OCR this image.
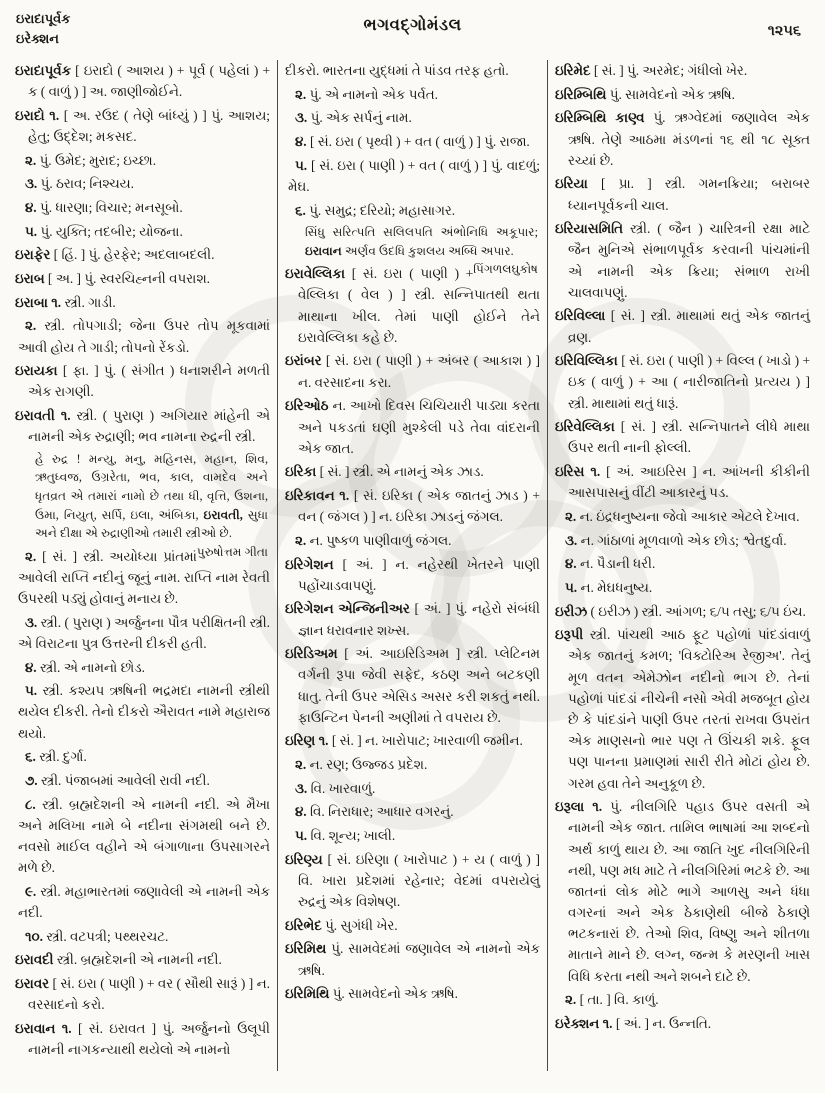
ઇરાદાપૂર્વક
ઇરેક્શન
ભગવદ્ગોમંડલ	૧૨૫૬

ઇરાદાપૂર્વક [ ઇરાદો ( આશય ) + પૂર્વ ( પહેલાં ) + ક ( વાળું ) ] અ. જાણીજોઈને.

ઇરાદો ૧. [ અ. રઉદ ( તેણે બાંધ્યું ) ] પું. આશય; હેતુ; ઉદ્દેશ; મકસદ.

૨. પું. ઉમેદ; મુરાદ; ઇચ્છા.

૩. પું. ઠરાવ; નિશ્ચય.

૪. પું. ધારણા; વિચાર; મનસૂબો.

૫. પું. યુક્તિ; તદબીર; યોજના.

ઇરાફેર [ હિં. ] પું. હેરફેર; અદલાબદલી.

ઇરાબ [ અ. ] પું. સ્વરચિહ્નની વપરાશ.

ઇરાબા ૧. સ્ત્રી. ગાડી.

૨. સ્ત્રી. તોપગાડી; જેના ઉપર તોપ મૂકવામાં આવી હોય તે ગાડી; તોપનો રેંકડો.

ઇરાયકા [ ફા. ] પું. ( સંગીત ) ધનાશરીને મળતી એક રાગણી.

ઇરાવતી ૧. સ્ત્રી. ( પુરાણ ) અગિયાર માંહેની એ નામની એક રુદ્રાણી; ભવ નામના રુદ્રની સ્ત્રી.

હે રુદ્ર ! મન્યુ, મનુ, મહિનસ, મહાન, શિવ, ઋતુધ્વજ, ઉગ્રરેતા, ભવ, કાલ, વામદેવ અને ધૃતવ્રત એ તમારાં નામો છે તથા ધી, વૃત્તિ, ઉશના, ઉમા, નિયુત્, સર્પિ, ઇલા, અંબિકા, ઇરાવતી, સુધા અને દીક્ષા એ રુદ્રાણીઓ તમારી સ્ત્રીઓ છે.
પુરુષોત્તમ ગીતા

૨. [ સં. ] સ્ત્રી. અયોધ્યા પ્રાંતમાં આવેલી રાપ્તિ નદીનું જૂનું નામ. રાપ્તિ નામ રેવતી ઉપરથી પડ્યું હોવાનું મનાય છે.

૩. સ્ત્રી. ( પુરાણ ) અર્જુનના પૌત્ર પરીક્ષિતની સ્ત્રી. એ વિરાટના પુત્ર ઉત્તરની દીકરી હતી.

૪. સ્ત્રી. એ નામનો છોડ.

૫. સ્ત્રી. કશ્યપ ઋષિની ભદ્રમદા નામની સ્ત્રીથી થયેલ દીકરી. તેનો દીકરો ઐરાવત નામે મહારાજ થયો.

૬. સ્ત્રી. દુર્ગા.

૭. સ્ત્રી. પંજાબમાં આવેલી રાવી નદી.

૮. સ્ત્રી. બ્રહ્મદેશની એ નામની નદી. એ મૈખા અને મલિખા નામે બે નદીના સંગમથી બને છે. નવસો માઈલ વહીને એ બંગાળાના ઉપસાગરને મળે છે.

૯. સ્ત્રી. મહાભારતમાં જણાવેલી એ નામની એક નદી.

૧૦. સ્ત્રી. વટપત્રી; પથ્થરચટ.

ઇરાવદી સ્ત્રી. બ્રહ્મદેશની એ નામની નદી.

ઇરાવર [ સં. ઇરા ( પાણી ) + વર ( સૌથી સારૂં ) ] ન. વરસાદનો કરો.

ઇરાવાન ૧. [ સં. ઇરાવત ] પું. અર્જુનનો ઉલૂપી નામની નાગકન્યાથી થયેલો એ નામનો

દીકરો. ભારતના યુદ્ધમાં તે પાંડવ તરફ હતો.

૨. પું. એ નામનો એક પર્વત.

૩. પું. એક સર્પનું નામ.

૪. [ સં. ઇરા ( પૃથ્વી ) + વત ( વાળું ) ] પું. રાજા.

૫. [ સં. ઇરા ( પાણી ) + વત ( વાળું ) ] પું. વાદળું; મેઘ.

૬. પું. સમુદ્ર; દરિયો; મહાસાગર.

સિંધુ સરિત્પતિ સલિલપતિ અંભોનિધિ અકૂપાર; ઇરાવાન અર્ણવ ઉદધિ કુશલય અબ્ધિ અપાર.
પિંગળલઘુકોષ

ઇરાવેલ્લિકા [ સં. ઇરા ( પાણી ) + વેલ્લિકા ( વેલ ) ] સ્ત્રી. સન્નિપાતથી થતા માથાના ખીલ. તેમાં પાણી હોઈને તેને ઇરાવેલ્લિકા કહે છે.

ઇરાંબર [ સં. ઇરા ( પાણી ) + અંબર ( આકાશ ) ] ન. વરસાદના કરા.

ઇરિઓઠ ન. આખો દિવસ ચિચિયારી પાડ્યા કરતા અને પકડતાં ઘણી મુશ્કેલી પડે તેવા વાંદરાની એક જાત.

ઇરિકા [ સં. ] સ્ત્રી. એ નામનું એક ઝાડ.

ઇરિકાવન ૧. [ સં. ઇરિકા ( એક જાતનું ઝાડ ) + વન ( જંગલ ) ] ન. ઇરિકા ઝાડનું જંગલ.

૨. ન. પુષ્કળ પાણીવાળું જંગલ.

ઇરિગેશન [ અં. ] ન. નહેરથી ખેતરને પાણી પહોંચાડવાપણું.

ઇરિગેશન એન્જિનીઅર [ અં. ] પું. નહેરો સંબંધી જ્ઞાન ધરાવનાર શખ્સ.

ઇરિડિઅમ [ અં. આઇરિડિઅમ ] સ્ત્રી. પ્લેટિનમ વર્ગની રૂપા જેવી સફેદ, કઠણ અને બટકણી ધાતુ. તેની ઉપર એસિડ અસર કરી શકતું નથી. ફાઉન્ટિન પેનની અણીમાં તે વપરાય છે.

ઇરિણ ૧. [ સં. ] ન. ખારોપાટ; ખારવાળી જમીન.

૨. ન. રણ; ઉજ્જડ પ્રદેશ.

૩. વિ. ખારવાળું.

૪. વિ. નિરાધાર; આધાર વગરનું.

૫. વિ. શૂન્ય; ખાલી.

ઇરિણ્ય [ સં. ઇરિણા ( ખારોપાટ ) + ય ( વાળું ) ] વિ. ખારા પ્રદેશમાં રહેનાર; વેદમાં વપરાયેલું રુદ્રનું એક વિશેષણ.

ઇરિભેદ પું. સુગંધી ખેર.

ઇરિમિથ પું. સામવેદમાં જણાવેલ એ નામનો એક ઋષિ.

ઇરિમિથિ પું. સામવેદનો એક ઋષિ.

ઇરિમેદ [ સં. ] પું. અરમેદ; ગંધીલો ખેર.

ઇરિમ્બિથિ પું. સામવેદનો એક ઋષિ.

ઇરિમ્બિથિ કાણ્વ પું. ઋગ્વેદમાં જણાવેલ એક ઋષિ. તેણે આઠમા મંડળનાં ૧૬ થી ૧૮ સૂક્ત રચ્યાં છે.

ઇરિયા [ પ્રા. ] સ્ત્રી. ગમનક્રિયા; બરાબર ધ્યાનપૂર્વકની ચાલ.

ઇરિયાસમિતિ સ્ત્રી. ( જૈન ) ચારિત્રની રક્ષા માટે જૈન મુનિએ સંભાળપૂર્વક કરવાની પાંચમાંની એ નામની એક ક્રિયા; સંભાળ રાખી ચાલવાપણું.

ઇરિવિલ્લા [ સં. ] સ્ત્રી. માથામાં થતું એક જાતનું વ્રણ.

ઇરિવિલ્લિકા [ સં. ઇરા ( પાણી ) + વિલ્લ ( ખાડો ) + ઇક ( વાળું ) + આ ( નારીજાતિનો પ્રત્યય ) ] સ્ત્રી. માથામાં થતું ધારૂં.

ઇરિવેલ્લિકા [ સં. ] સ્ત્રી. સન્નિપાતને લીધે માથા ઉપર થતી નાની ફોલ્લી.

ઇરિસ ૧. [ અં. આઇરિસ ] ન. આંખની કીકીની આસપાસનું વીંટી આકારનું પડ.

૨. ન. ઇંદ્રધનુષ્યના જેવો આકાર એટલે દેખાવ.

૩. ન. ગાંઠાળાં મૂળવાળો એક છોડ; શ્વેતદુર્વા.

૪. ન. પૈડાની ધરી.

૫. ન. મેઘધનુષ્ય.

ઇરીઝ ( ઇરીઝ ) સ્ત્રી. આંગળ; ૬/૫ તસુ; ૬/૫ ઇંચ.

ઇરૂપી સ્ત્રી. પાંચથી આઠ ફૂટ પહોળાં પાંદડાંવાળું એક જાતનું કમળ; 'વિક્ટોરિઅ રેજીઅ'. તેનું મૂળ વતન એમેઝોન નદીનો ભાગ છે. તેનાં પહોળાં પાંદડાં નીચેની નસો એવી મજબૂત હોય છે કે પાંદડાંને પાણી ઉપર તરતાં રાખવા ઉપરાંત એક માણસનો ભાર પણ તે ઊંચકી શકે. ફૂલ પણ પાનના પ્રમાણમાં સારી રીતે મોટાં હોય છે. ગરમ હવા તેને અનુકૂળ છે.

ઇરૂલા ૧. પું. નીલગિરિ પહાડ ઉપર વસતી એ નામની એક જાત. તામિલ ભાષામાં આ શબ્દનો અર્થ કાળું થાય છે. આ જાતિ ખુદ નીલગિરિની નથી, પણ મધ માટે તે નીલગિરિમાં ભટકે છે. આ જાતનાં લોક મોટે ભાગે આળસુ અને ધંધા વગરનાં અને એક ઠેકાણેથી બીજે ઠેકાણે ભટકનારાં છે. તેઓ શિવ, વિષ્ણુ અને શીતળા માતાને માને છે. લગ્ન, જન્મ કે મરણની ખાસ વિધિ કરતા નથી અને શબને દાટે છે.

૨. [ તા. ] વિ. કાળું.

ઇરેક્શન ૧. [ અં. ] ન. ઉન્નતિ.
